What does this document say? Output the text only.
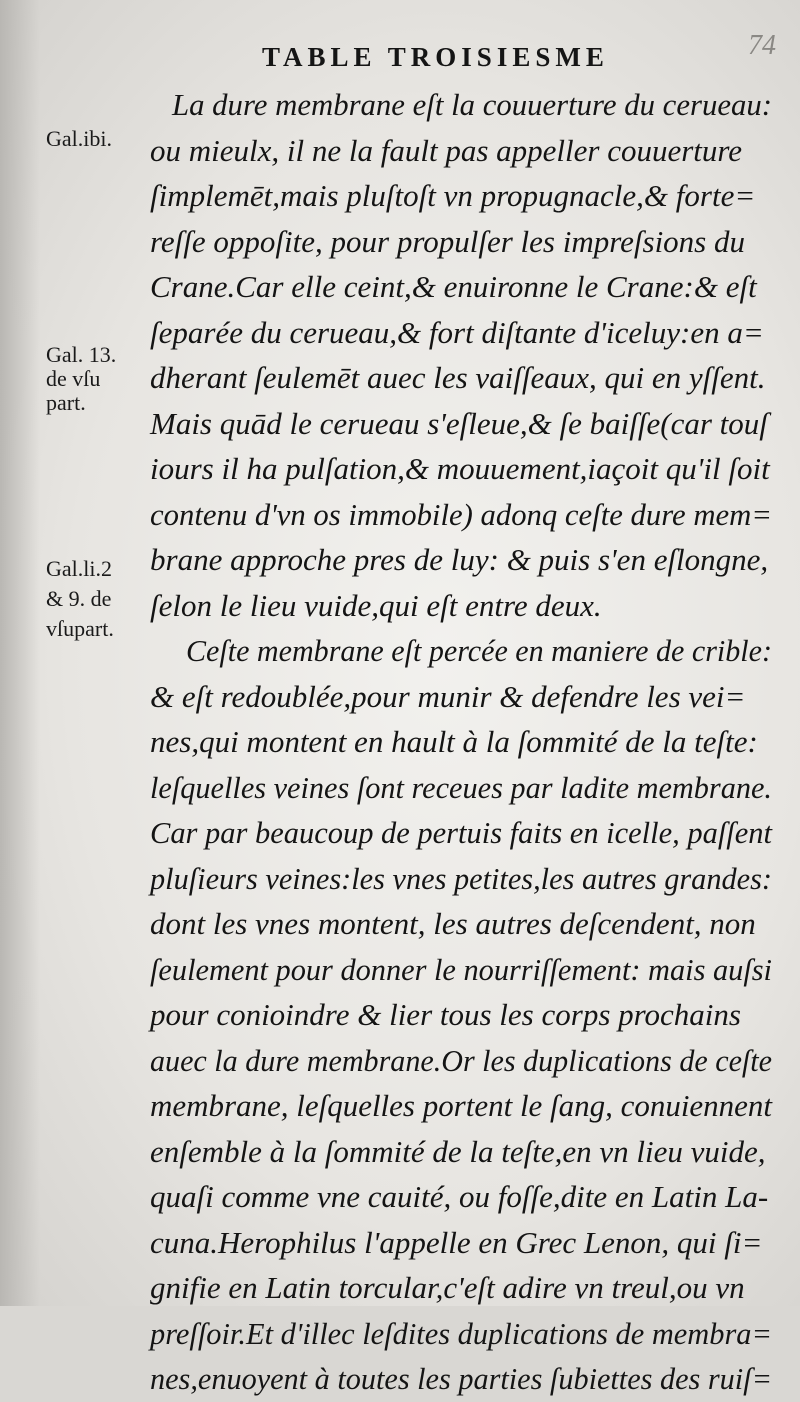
74
TABLE TROISIESME
Gal.ibi.
Gal. 13.
de vſu
part.
Gal.li.2
& 9. de
vſupart.
La dure membrane eſt la couuerture du cerueau:
ou mieulx, il ne la fault pas appeller couuerture
ſimplemēt,mais pluſtoſt vn propugnacle,& forte=
reſſe oppoſite, pour propulſer les impreſsions du
Crane.Car elle ceint,& enuironne le Crane:& eſt
ſeparée du cerueau,& fort diſtante d'iceluy:en a=
dherant ſeulemēt auec les vaiſſeaux, qui en yſſent.
Mais quād le cerueau s'eſleue,& ſe baiſſe(car touſ
iours il ha pulſation,& mouuement,iaçoit qu'il ſoit
contenu d'vn os immobile) adonq ceſte dure mem=
brane approche pres de luy: & puis s'en eſlongne,
ſelon le lieu vuide,qui eſt entre deux.
Ceſte membrane eſt percée en maniere de crible:
& eſt redoublée,pour munir & defendre les vei=
nes,qui montent en hault à la ſommité de la teſte:
leſquelles veines ſont receues par ladite membrane.
Car par beaucoup de pertuis faits en icelle, paſſent
pluſieurs veines:les vnes petites,les autres grandes:
dont les vnes montent, les autres deſcendent, non
ſeulement pour donner le nourriſſement: mais auſsi
pour conioindre & lier tous les corps prochains
auec la dure membrane.Or les duplications de ceſte
membrane, leſquelles portent le ſang, conuiennent
enſemble à la ſommité de la teſte,en vn lieu vuide,
quaſi comme vne cauité, ou foſſe,dite en Latin La-
cuna.Herophilus l'appelle en Grec Lenon, qui ſi=
gnifie en Latin torcular,c'eſt adire vn treul,ou vn
preſſoir.Et d'illec leſdites duplications de membra=
nes,enuoyent à toutes les parties ſubiettes des ruiſ=
